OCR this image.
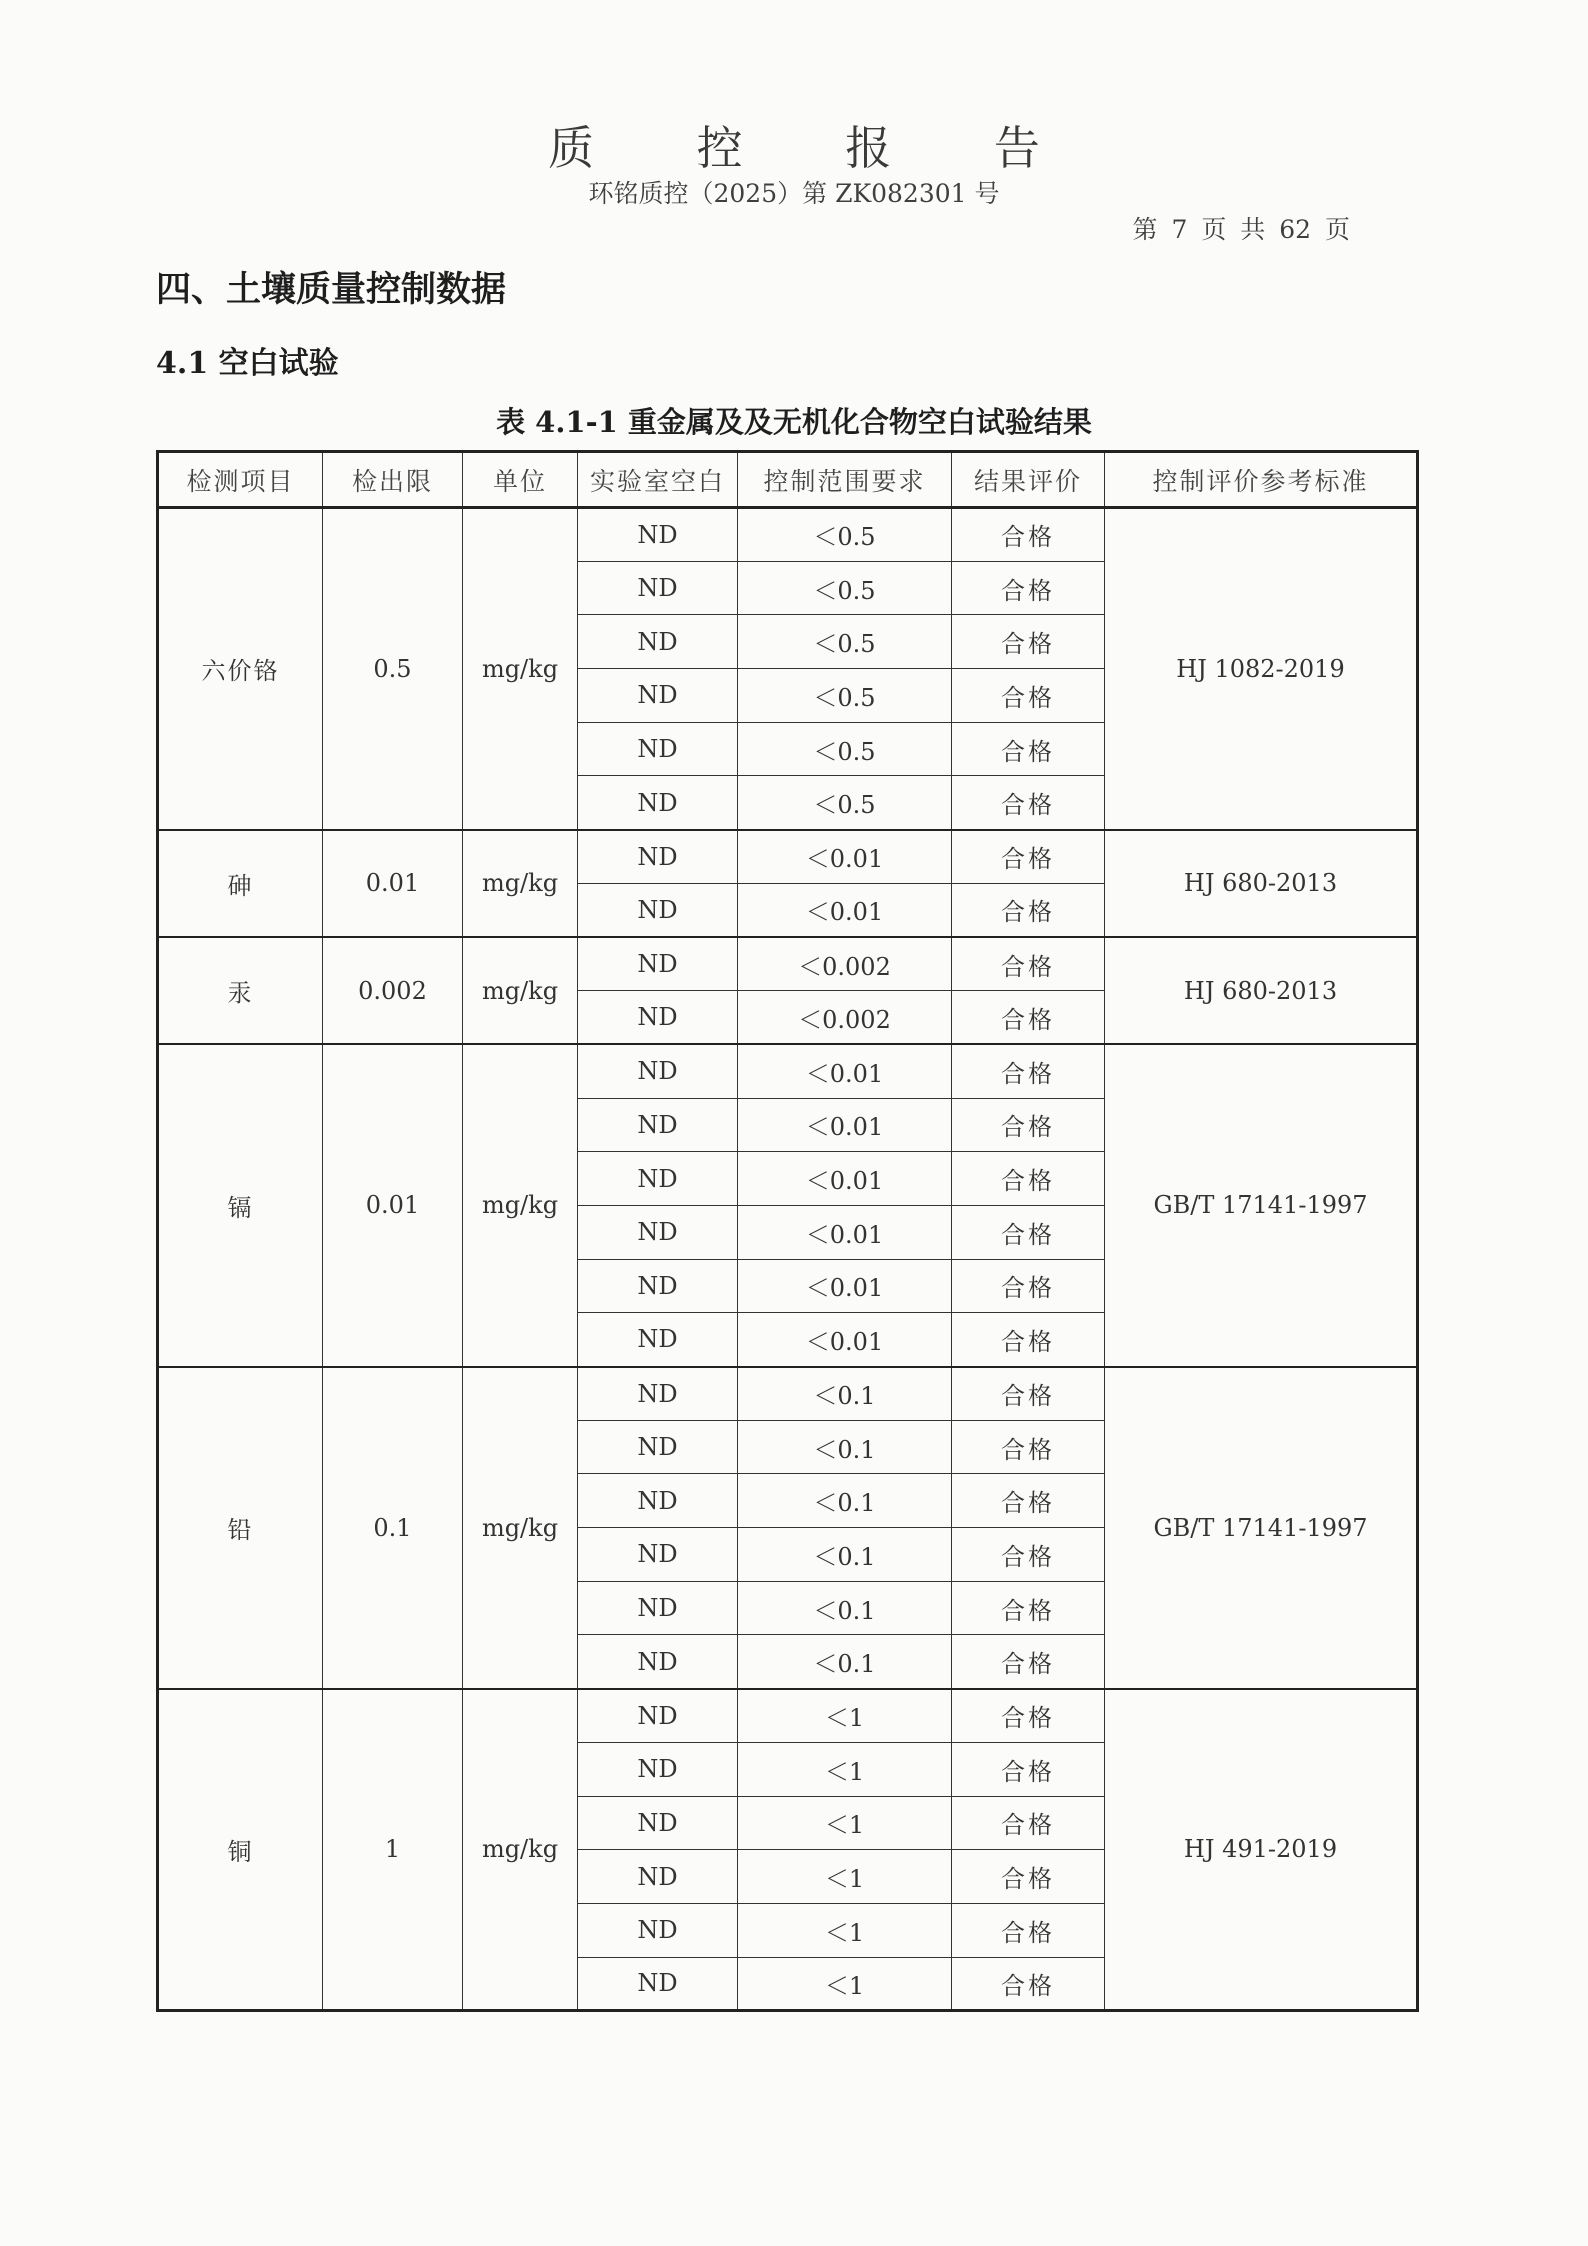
质 控 报 告
环铭质控（2025）第 ZK082301 号
第 7 页 共 62 页
四、土壤质量控制数据
4.1 空白试验
表 4.1-1 重金属及及无机化合物空白试验结果
检测项目	检出限	单位	实验室空白	控制范围要求	结果评价	控制评价参考标准
六价铬	0.5	mg/kg	ND	＜0.5	合格	HJ 1082-2019
			ND	＜0.5	合格	
			ND	＜0.5	合格	
			ND	＜0.5	合格	
			ND	＜0.5	合格	
			ND	＜0.5	合格	
砷	0.01	mg/kg	ND	＜0.01	合格	HJ 680-2013
			ND	＜0.01	合格	
汞	0.002	mg/kg	ND	＜0.002	合格	HJ 680-2013
			ND	＜0.002	合格	
镉	0.01	mg/kg	ND	＜0.01	合格	GB/T 17141-1997
			ND	＜0.01	合格	
			ND	＜0.01	合格	
			ND	＜0.01	合格	
			ND	＜0.01	合格	
			ND	＜0.01	合格	
铅	0.1	mg/kg	ND	＜0.1	合格	GB/T 17141-1997
			ND	＜0.1	合格	
			ND	＜0.1	合格	
			ND	＜0.1	合格	
			ND	＜0.1	合格	
			ND	＜0.1	合格	
铜	1	mg/kg	ND	＜1	合格	HJ 491-2019
			ND	＜1	合格	
			ND	＜1	合格	
			ND	＜1	合格	
			ND	＜1	合格	
			ND	＜1	合格	
